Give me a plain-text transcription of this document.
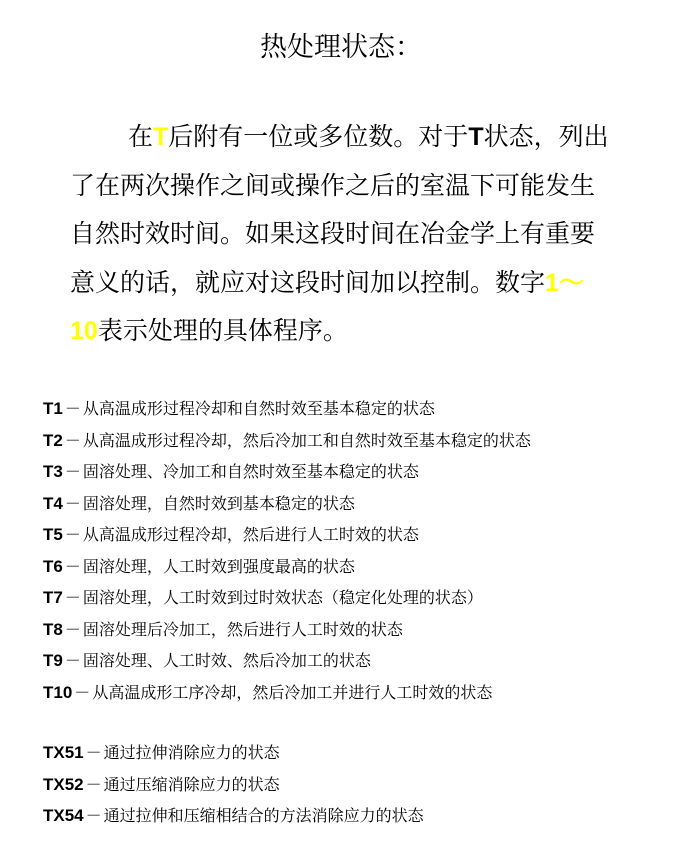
热处理状态：
在T后附有一位或多位数。对于T状态，列出
了在两次操作之间或操作之后的室温下可能发生
自然时效时间。如果这段时间在冶金学上有重要
意义的话，就应对这段时间加以控制。数字1～
10表示处理的具体程序。
T1 － 从高温成形过程冷却和自然时效至基本稳定的状态
T2 － 从高温成形过程冷却，然后冷加工和自然时效至基本稳定的状态
T3 － 固溶处理、冷加工和自然时效至基本稳定的状态
T4 － 固溶处理，自然时效到基本稳定的状态
T5 － 从高温成形过程冷却，然后进行人工时效的状态
T6 － 固溶处理，人工时效到强度最高的状态
T7 － 固溶处理，人工时效到过时效状态（稳定化处理的状态）
T8 － 固溶处理后冷加工，然后进行人工时效的状态
T9 － 固溶处理、人工时效、然后冷加工的状态
T10 － 从高温成形工序冷却，然后冷加工并进行人工时效的状态
TX51 － 通过拉伸消除应力的状态
TX52 － 通过压缩消除应力的状态
TX54 － 通过拉伸和压缩相结合的方法消除应力的状态
